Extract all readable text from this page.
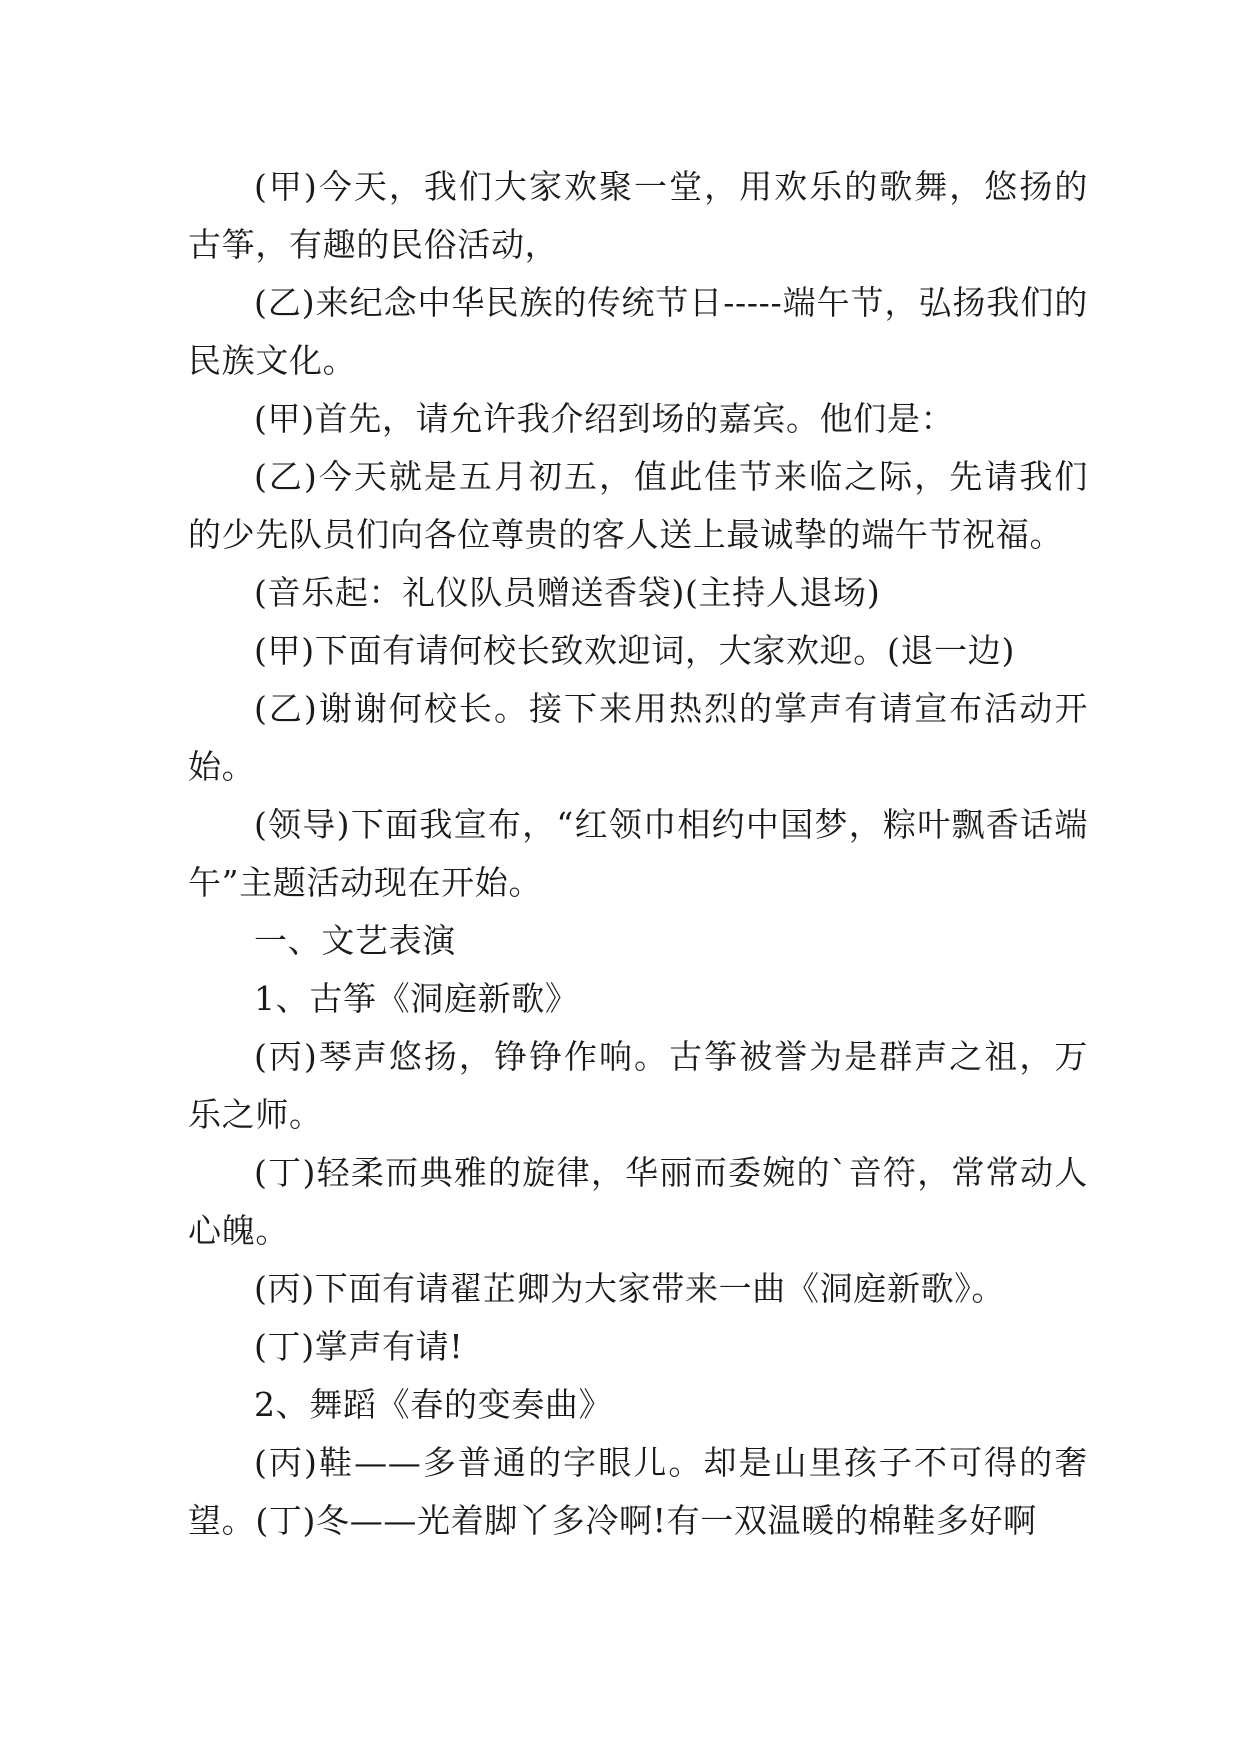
(甲)今天，我们大家欢聚一堂，用欢乐的歌舞，悠扬的古筝，有趣的民俗活动，

(乙)来纪念中华民族的传统节日-----端午节，弘扬我们的民族文化。

(甲)首先，请允许我介绍到场的嘉宾。他们是：

(乙)今天就是五月初五，值此佳节来临之际，先请我们的少先队员们向各位尊贵的客人送上最诚挚的端午节祝福。

(音乐起：礼仪队员赠送香袋)(主持人退场)

(甲)下面有请何校长致欢迎词，大家欢迎。(退一边)

(乙)谢谢何校长。接下来用热烈的掌声有请宣布活动开始。

(领导)下面我宣布，“红领巾相约中国梦，粽叶飘香话端午”主题活动现在开始。

一、文艺表演

1、古筝《洞庭新歌》

(丙)琴声悠扬，铮铮作响。古筝被誉为是群声之祖，万乐之师。

(丁)轻柔而典雅的旋律，华丽而委婉的`音符，常常动人心魄。

(丙)下面有请翟芷卿为大家带来一曲《洞庭新歌》。

(丁)掌声有请!

2、舞蹈《春的变奏曲》

(丙)鞋——多普通的字眼儿。却是山里孩子不可得的奢望。(丁)冬——光着脚丫多冷啊!有一双温暖的棉鞋多好啊
